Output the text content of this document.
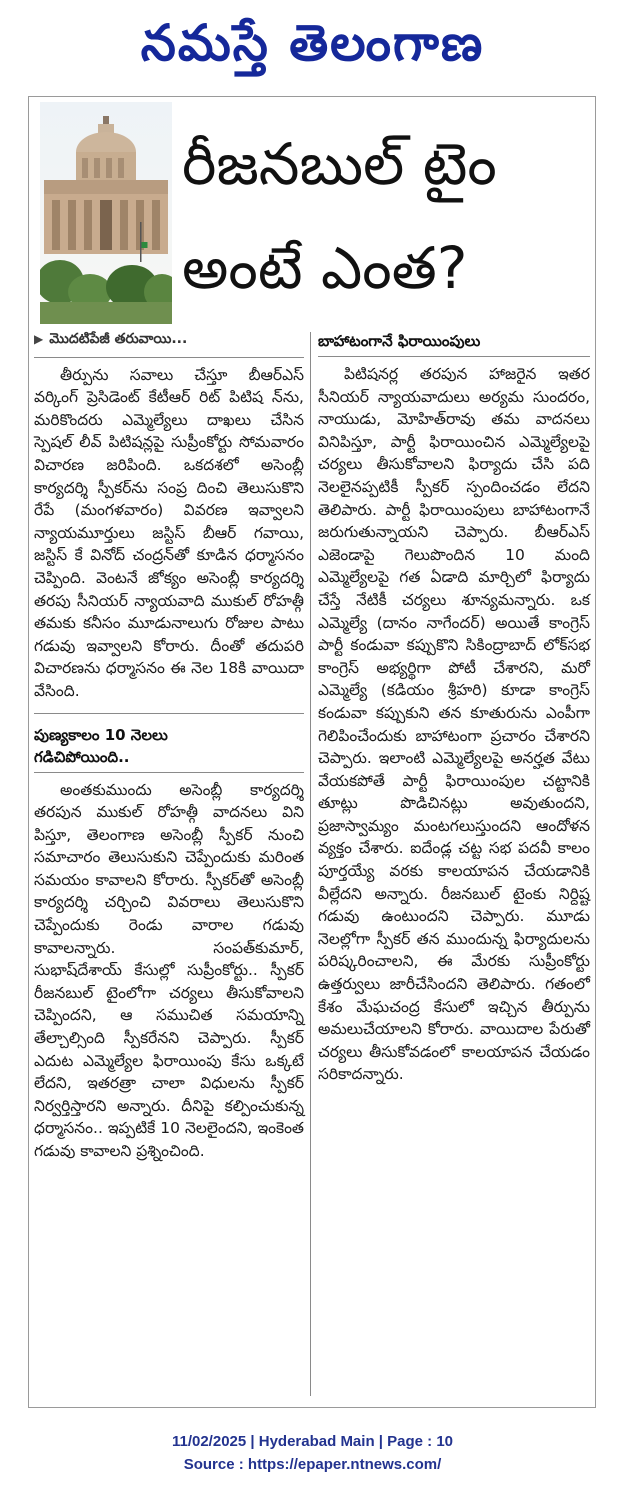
నమస్తే తెలంగాణ
రీజనబుల్ టైం
అంటే ఎంత?
▶ మొదటిపేజీ తరువాయి...

తీర్పును సవాలు చేస్తూ బీఆర్ఎస్ వర్కింగ్ ప్రెసిడెంట్ కేటీఆర్ రిట్ పిటిష న్‌ను, మరికొందరు ఎమ్మెల్యేలు దాఖలు చేసిన స్పెషల్ లీవ్ పిటిషన్లపై సుప్రీంకోర్టు సోమవారం విచారణ జరిపింది. ఒకదశలో అసెంబ్లీ కార్యదర్శి స్పీకర్‌ను సంప్ర దించి తెలుసుకొని రేపే (మంగళవారం) వివరణ ఇవ్వాలని న్యాయమూర్తులు జస్టిస్ బీఆర్ గవాయి, జస్టిస్ కే వినోద్ చంద్రన్‌తో కూడిన ధర్మాసనం చెప్పింది. వెంటనే జోక్యం అసెంబ్లీ కార్యదర్శి తరపు సీనియర్ న్యాయవాది ముకుల్ రోహత్గీ తమకు కనీసం మూడునాలుగు రోజుల పాటు గడువు ఇవ్వాలని కోరారు. దీంతో తదుపరి విచారణను ధర్మాసనం ఈ నెల 18కి వాయిదా వేసింది.

పుణ్యకాలం 10 నెలలు
గడిచిపోయింది..

అంతకుముందు అసెంబ్లీ కార్యదర్శి తరపున ముకుల్ రోహత్గీ వాదనలు విని పిస్తూ, తెలంగాణ అసెంబ్లీ స్పీకర్ నుంచి సమాచారం తెలుసుకుని చెప్పేందుకు మరింత సమయం కావాలని కోరారు. స్పీకర్‌తో అసెంబ్లీ కార్యదర్శి చర్చించి వివరాలు తెలుసుకొని చెప్పేందుకు రెండు వారాల గడువు కావాలన్నారు. సంపత్‌కుమార్, సుభాష్‌దేశాయ్ కేసుల్లో సుప్రీంకోర్టు.. స్పీకర్ రీజనబుల్ టైంలోగా చర్యలు తీసుకోవాలని చెప్పిందని, ఆ సముచిత సమయాన్ని తేల్చాల్సింది స్పీకరేనని చెప్పారు. స్పీకర్ ఎదుట ఎమ్మెల్యేల ఫిరాయింపు కేసు ఒక్కటే లేదని, ఇతరత్రా చాలా విధులను స్పీకర్ నిర్వర్తిస్తారని అన్నారు. దీనిపై కల్పించుకున్న ధర్మాసనం.. ఇప్పటికే 10 నెలలైందని, ఇంకెంత గడువు కావాలని ప్రశ్నించింది.

బాహాటంగానే ఫిరాయింపులు

పిటిషనర్ల తరపున హాజరైన ఇతర సీనియర్ న్యాయవాదులు అర్యమ సుందరం, నాయుడు, మోహిత్‌రావు తమ వాదనలు వినిపిస్తూ, పార్టీ ఫిరాయించిన ఎమ్మెల్యేలపై చర్యలు తీసుకోవాలని ఫిర్యాదు చేసి పది నెలలైనప్పటికీ స్పీకర్ స్పందించడం లేదని తెలిపారు. పార్టీ ఫిరాయింపులు బాహాటంగానే జరుగుతున్నాయని చెప్పారు. బీఆర్ఎస్ ఎజెండాపై గెలుపొందిన 10 మంది ఎమ్మెల్యేలపై గత ఏడాది మార్చిలో ఫిర్యాదు చేస్తే నేటికీ చర్యలు శూన్యమన్నారు. ఒక ఎమ్మెల్యే (దానం నాగేందర్) అయితే కాంగ్రెస్ పార్టీ కండువా కప్పుకొని సికింద్రాబాద్ లోక్‌సభ కాంగ్రెస్ అభ్యర్థిగా పోటీ చేశారని, మరో ఎమ్మెల్యే (కడియం శ్రీహరి) కూడా కాంగ్రెస్ కండువా కప్పుకుని తన కూతురును ఎంపీగా గెలిపించేందుకు బాహాటంగా ప్రచారం చేశారని చెప్పారు. ఇలాంటి ఎమ్మెల్యేలపై అనర్హత వేటు వేయకపోతే పార్టీ ఫిరాయింపుల చట్టానికి తూట్లు పొడిచినట్లు అవుతుందని, ప్రజాస్వామ్యం మంటగలుస్తుందని ఆందోళన వ్యక్తం చేశారు. ఐదేండ్ల చట్ట సభ పదవీ కాలం పూర్తయ్యే వరకు కాలయాపన చేయడానికి వీల్లేదని అన్నారు. రీజనబుల్ టైంకు నిర్దిష్ట గడువు ఉంటుందని చెప్పారు. మూడు నెలల్లోగా స్పీకర్ తన ముందున్న ఫిర్యాదులను పరిష్కరించాలని, ఈ మేరకు సుప్రీంకోర్టు ఉత్తర్వులు జారీచేసిందని తెలిపారు. గతంలో కేశం మేఘచంద్ర కేసులో ఇచ్చిన తీర్పును అమలుచేయాలని కోరారు. వాయిదాల పేరుతో చర్యలు తీసుకోవడంలో కాలయాపన చేయడం సరికాదన్నారు.

11/02/2025 | Hyderabad Main | Page : 10
Source : https://epaper.ntnews.com/
